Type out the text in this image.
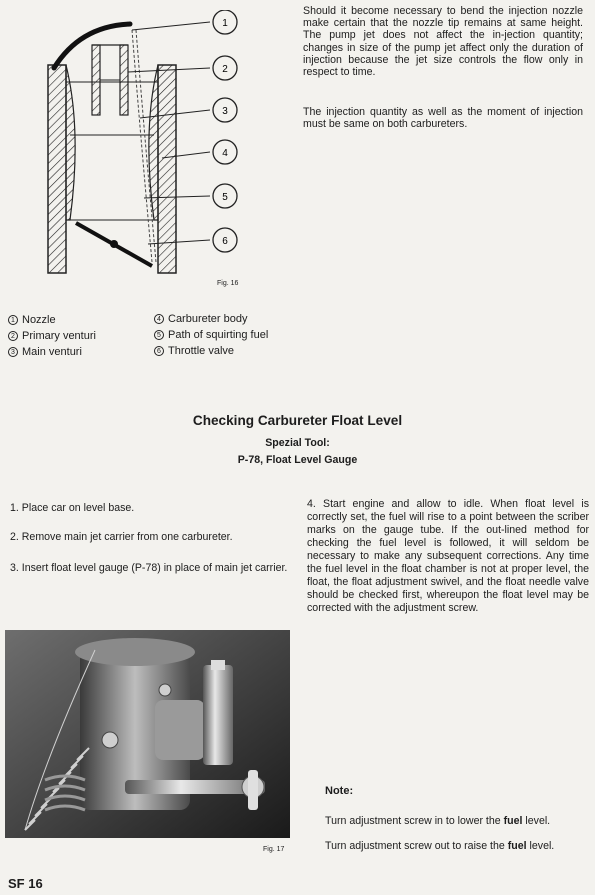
1
2
3
4
5
6
Fig. 16
Should it become necessary to bend the injection nozzle make certain that the nozzle tip remains at same height. The pump jet does not affect the in-jection quantity; changes in size of the pump jet affect only the duration of injection because the jet size controls the flow only in respect to time.
The injection quantity as well as the moment of injection must be same on both carbureters.
1 Nozzle
2 Primary venturi
3 Main venturi
4 Carbureter body
5 Path of squirting fuel
6 Throttle valve
Checking Carbureter Float Level
Spezial Tool:
P-78, Float Level Gauge
1. Place car on level base.
2. Remove main jet carrier from one carbureter.
3. Insert float level gauge (P-78) in place of main jet carrier.
4. Start engine and allow to idle. When float level is correctly set, the fuel will rise to a point between the scriber marks on the gauge tube. If the out-lined method for checking the fuel level is followed, it will seldom be necessary to make any subsequent corrections. Any time the fuel level in the float chamber is not at proper level, the float, the float adjustment swivel, and the float needle valve should be checked first, whereupon the float level may be corrected with the adjustment screw.
Fig. 17
Note:
Turn adjustment screw in to lower the fuel level.
Turn adjustment screw out to raise the fuel level.
SF 16
